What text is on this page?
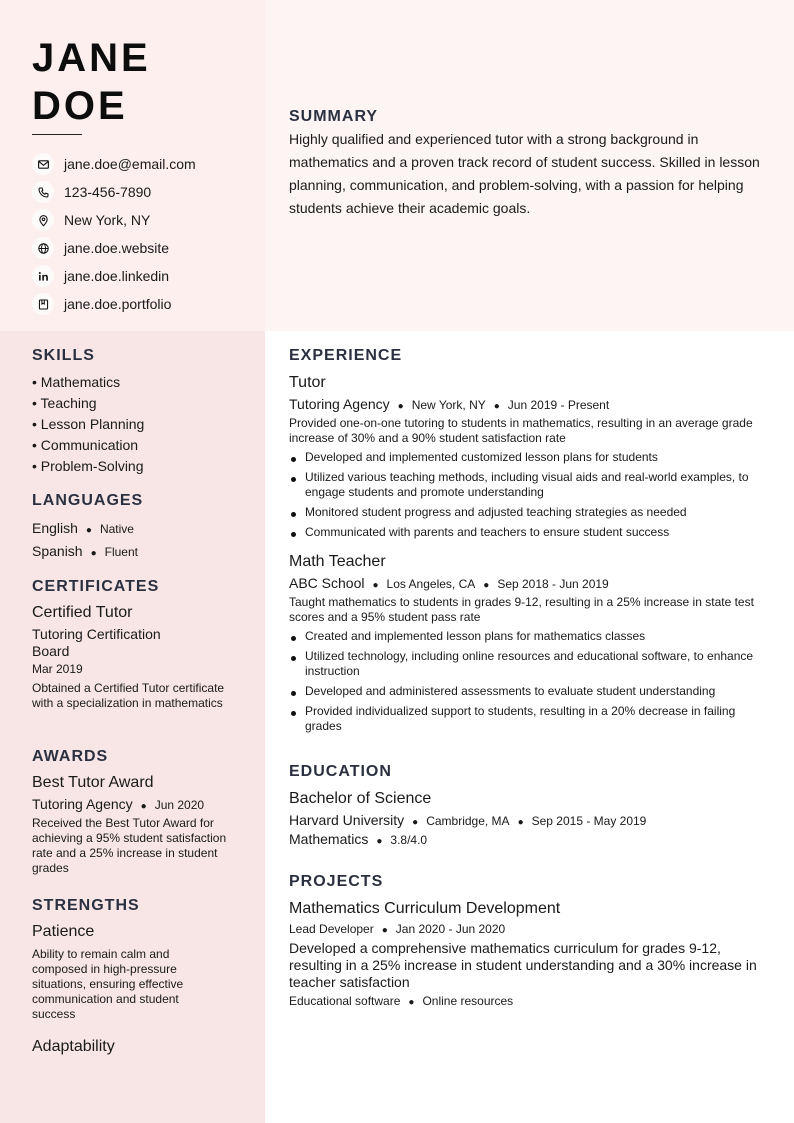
JANE
DOE
jane.doe@email.com
123-456-7890
New York, NY
jane.doe.website
jane.doe.linkedin
jane.doe.portfolio
SUMMARY

Highly qualified and experienced tutor with a strong background in mathematics and a proven track record of student success. Skilled in lesson planning, communication, and problem-solving, with a passion for helping students achieve their academic goals.

SKILLS
• Mathematics
• Teaching
• Lesson Planning
• Communication
• Problem-Solving
LANGUAGES
English ● Native
Spanish ● Fluent
CERTIFICATES
Certified Tutor
Tutoring Certification Board
Mar 2019
Obtained a Certified Tutor certificate with a specialization in mathematics
AWARDS
Best Tutor Award
Tutoring Agency ● Jun 2020
Received the Best Tutor Award for achieving a 95% student satisfaction rate and a 25% increase in student grades
STRENGTHS
Patience
Ability to remain calm and composed in high-pressure situations, ensuring effective communication and student success
Adaptability
EXPERIENCE
Tutor
Tutoring Agency ● New York, NY ● Jun 2019 - Present
Provided one-on-one tutoring to students in mathematics, resulting in an average grade increase of 30% and a 90% student satisfaction rate
Developed and implemented customized lesson plans for students
Utilized various teaching methods, including visual aids and real-world examples, to engage students and promote understanding
Monitored student progress and adjusted teaching strategies as needed
Communicated with parents and teachers to ensure student success
Math Teacher
ABC School ● Los Angeles, CA ● Sep 2018 - Jun 2019
Taught mathematics to students in grades 9-12, resulting in a 25% increase in state test scores and a 95% student pass rate
Created and implemented lesson plans for mathematics classes
Utilized technology, including online resources and educational software, to enhance instruction
Developed and administered assessments to evaluate student understanding
Provided individualized support to students, resulting in a 20% decrease in failing grades
EDUCATION
Bachelor of Science
Harvard University ● Cambridge, MA ● Sep 2015 - May 2019
Mathematics ● 3.8/4.0
PROJECTS
Mathematics Curriculum Development
Lead Developer ● Jan 2020 - Jun 2020
Developed a comprehensive mathematics curriculum for grades 9-12, resulting in a 25% increase in student understanding and a 30% increase in teacher satisfaction
Educational software ● Online resources
